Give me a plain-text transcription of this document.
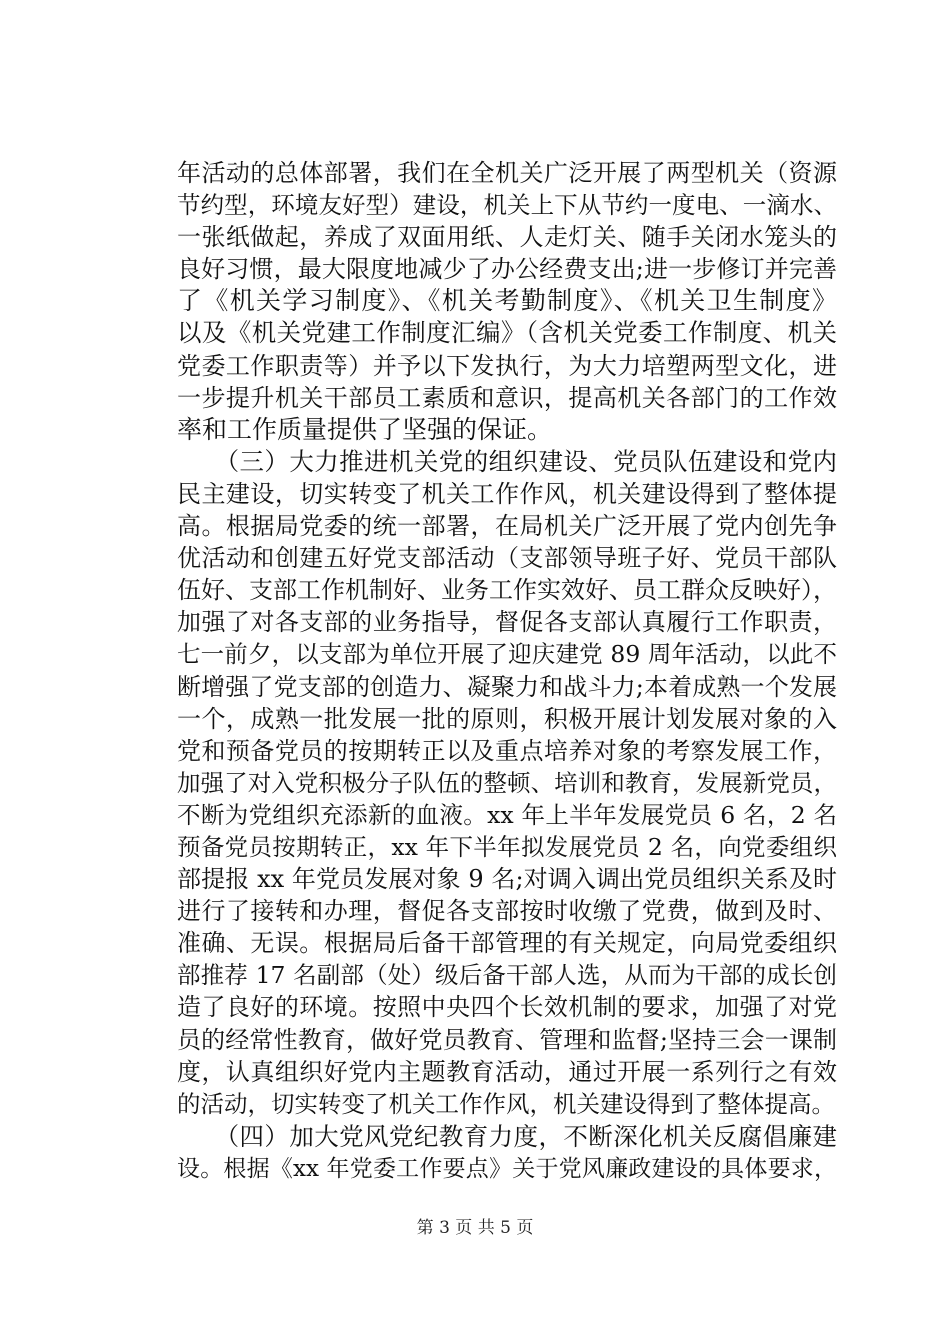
年活动的总体部署，我们在全机关广泛开展了两型机关（资源
节约型，环境友好型）建设，机关上下从节约一度电、一滴水、
一张纸做起，养成了双面用纸、人走灯关、随手关闭水笼头的
良好习惯，最大限度地减少了办公经费支出;进一步修订并完善
了《机关学习制度》、《机关考勤制度》、《机关卫生制度》
以及《机关党建工作制度汇编》（含机关党委工作制度、机关
党委工作职责等）并予以下发执行，为大力培塑两型文化，进
一步提升机关干部员工素质和意识，提高机关各部门的工作效
率和工作质量提供了坚强的保证。
　　（三）大力推进机关党的组织建设、党员队伍建设和党内
民主建设，切实转变了机关工作作风，机关建设得到了整体提
高。根据局党委的统一部署，在局机关广泛开展了党内创先争
优活动和创建五好党支部活动（支部领导班子好、党员干部队
伍好、支部工作机制好、业务工作实效好、员工群众反映好），
加强了对各支部的业务指导，督促各支部认真履行工作职责，
七一前夕，以支部为单位开展了迎庆建党 89 周年活动，以此不
断增强了党支部的创造力、凝聚力和战斗力;本着成熟一个发展
一个，成熟一批发展一批的原则，积极开展计划发展对象的入
党和预备党员的按期转正以及重点培养对象的考察发展工作，
加强了对入党积极分子队伍的整顿、培训和教育，发展新党员，
不断为党组织充添新的血液。xx 年上半年发展党员 6 名，2 名
预备党员按期转正，xx 年下半年拟发展党员 2 名，向党委组织
部提报 xx 年党员发展对象 9 名;对调入调出党员组织关系及时
进行了接转和办理，督促各支部按时收缴了党费，做到及时、
准确、无误。根据局后备干部管理的有关规定，向局党委组织
部推荐 17 名副部（处）级后备干部人选，从而为干部的成长创
造了良好的环境。按照中央四个长效机制的要求，加强了对党
员的经常性教育，做好党员教育、管理和监督;坚持三会一课制
度，认真组织好党内主题教育活动，通过开展一系列行之有效
的活动，切实转变了机关工作作风，机关建设得到了整体提高。
　　（四）加大党风党纪教育力度，不断深化机关反腐倡廉建
设。根据《xx 年党委工作要点》关于党风廉政建设的具体要求，
第 3 页 共 5 页
